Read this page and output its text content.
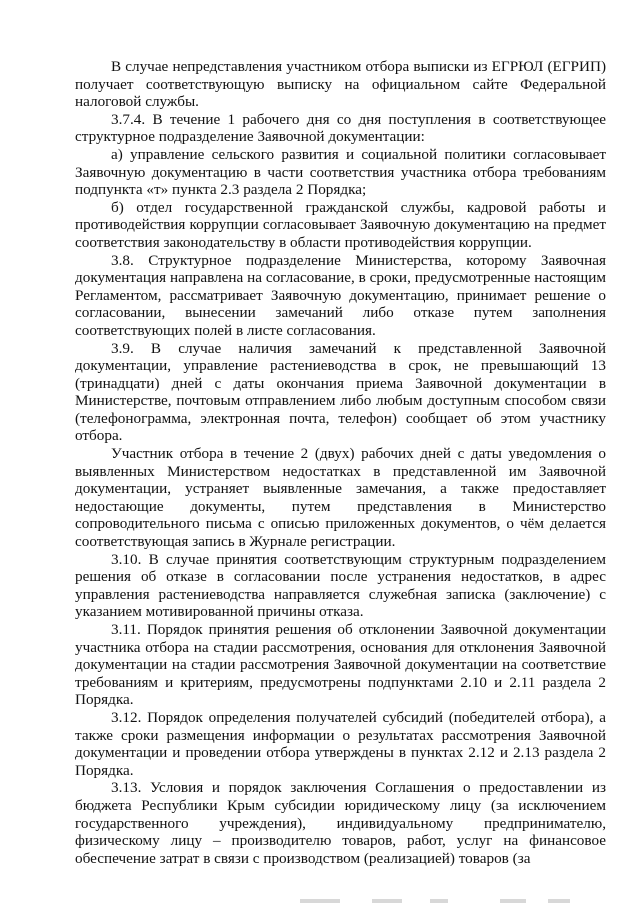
В случае непредставления участником отбора выписки из ЕГРЮЛ (ЕГРИП) получает соответствующую выписку на официальном сайте Федеральной налоговой службы.

3.7.4. В течение 1 рабочего дня со дня поступления в соответствующее структурное подразделение Заявочной документации:

а) управление сельского развития и социальной политики согласовывает Заявочную документацию в части соответствия участника отбора требованиям подпункта «т» пункта 2.3 раздела 2 Порядка;

б) отдел государственной гражданской службы, кадровой работы и противодействия коррупции согласовывает Заявочную документацию на предмет соответствия законодательству в области противодействия коррупции.

3.8. Структурное подразделение Министерства, которому Заявочная документация направлена на согласование, в сроки, предусмотренные настоящим Регламентом, рассматривает Заявочную документацию, принимает решение о согласовании, вынесении замечаний либо отказе путем заполнения соответствующих полей в листе согласования.

3.9. В случае наличия замечаний к представленной Заявочной документации, управление растениеводства в срок, не превышающий 13 (тринадцати) дней с даты окончания приема Заявочной документации в Министерстве, почтовым отправлением либо любым доступным способом связи (телефонограмма, электронная почта, телефон) сообщает об этом участнику отбора.

Участник отбора в течение 2 (двух) рабочих дней с даты уведомления о выявленных Министерством недостатках в представленной им Заявочной документации, устраняет выявленные замечания, а также предоставляет недостающие документы, путем представления в Министерство сопроводительного письма с описью приложенных документов, о чём делается соответствующая запись в Журнале регистрации.

3.10. В случае принятия соответствующим структурным подразделением решения об отказе в согласовании после устранения недостатков, в адрес управления растениеводства направляется служебная записка (заключение) с указанием мотивированной причины отказа.

3.11. Порядок принятия решения об отклонении Заявочной документации участника отбора на стадии рассмотрения, основания для отклонения Заявочной документации на стадии рассмотрения Заявочной документации на соответствие требованиям и критериям, предусмотрены подпунктами 2.10 и 2.11 раздела 2 Порядка.

3.12. Порядок определения получателей субсидий (победителей отбора), а также сроки размещения информации о результатах рассмотрения Заявочной документации и проведении отбора утверждены в пунктах 2.12 и 2.13 раздела 2 Порядка.

3.13. Условия и порядок заключения Соглашения о предоставлении из бюджета Республики Крым субсидии юридическому лицу (за исключением государственного учреждения), индивидуальному предпринимателю, физическому лицу – производителю товаров, работ, услуг на финансовое обеспечение затрат в связи с производством (реализацией) товаров (за
